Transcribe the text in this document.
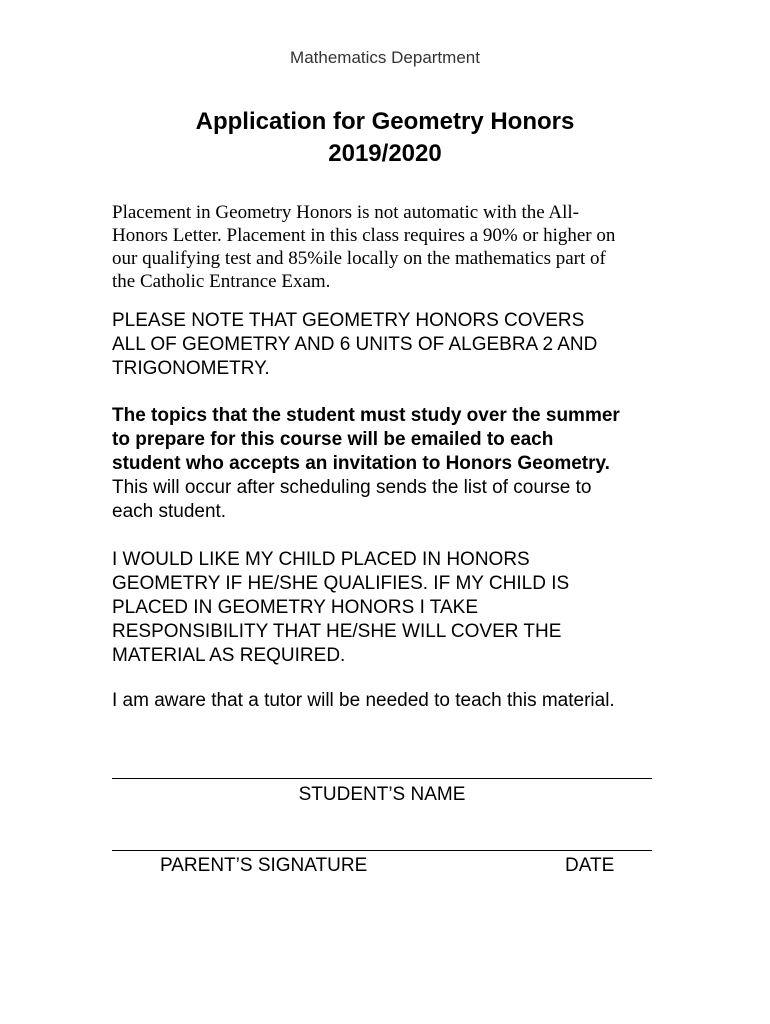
Mathematics Department
Application for Geometry Honors
2019/2020
Placement in Geometry Honors is not automatic with the All-
Honors Letter. Placement in this class requires a 90% or higher on
our qualifying test and 85%ile locally on the mathematics part of
the Catholic Entrance Exam.
PLEASE NOTE THAT GEOMETRY HONORS COVERS
ALL OF GEOMETRY AND 6 UNITS OF ALGEBRA 2 AND
TRIGONOMETRY.
The topics that the student must study over the summer
to prepare for this course will be emailed to each
student who accepts an invitation to Honors Geometry.
This will occur after scheduling sends the list of course to
each student.
I WOULD LIKE MY CHILD PLACED IN HONORS
GEOMETRY IF HE/SHE QUALIFIES. IF MY CHILD IS
PLACED IN GEOMETRY HONORS I TAKE
RESPONSIBILITY THAT HE/SHE WILL COVER THE
MATERIAL AS REQUIRED.
I am aware that a tutor will be needed to teach this material.
STUDENT’S NAME
PARENT’S SIGNATURE	DATE
